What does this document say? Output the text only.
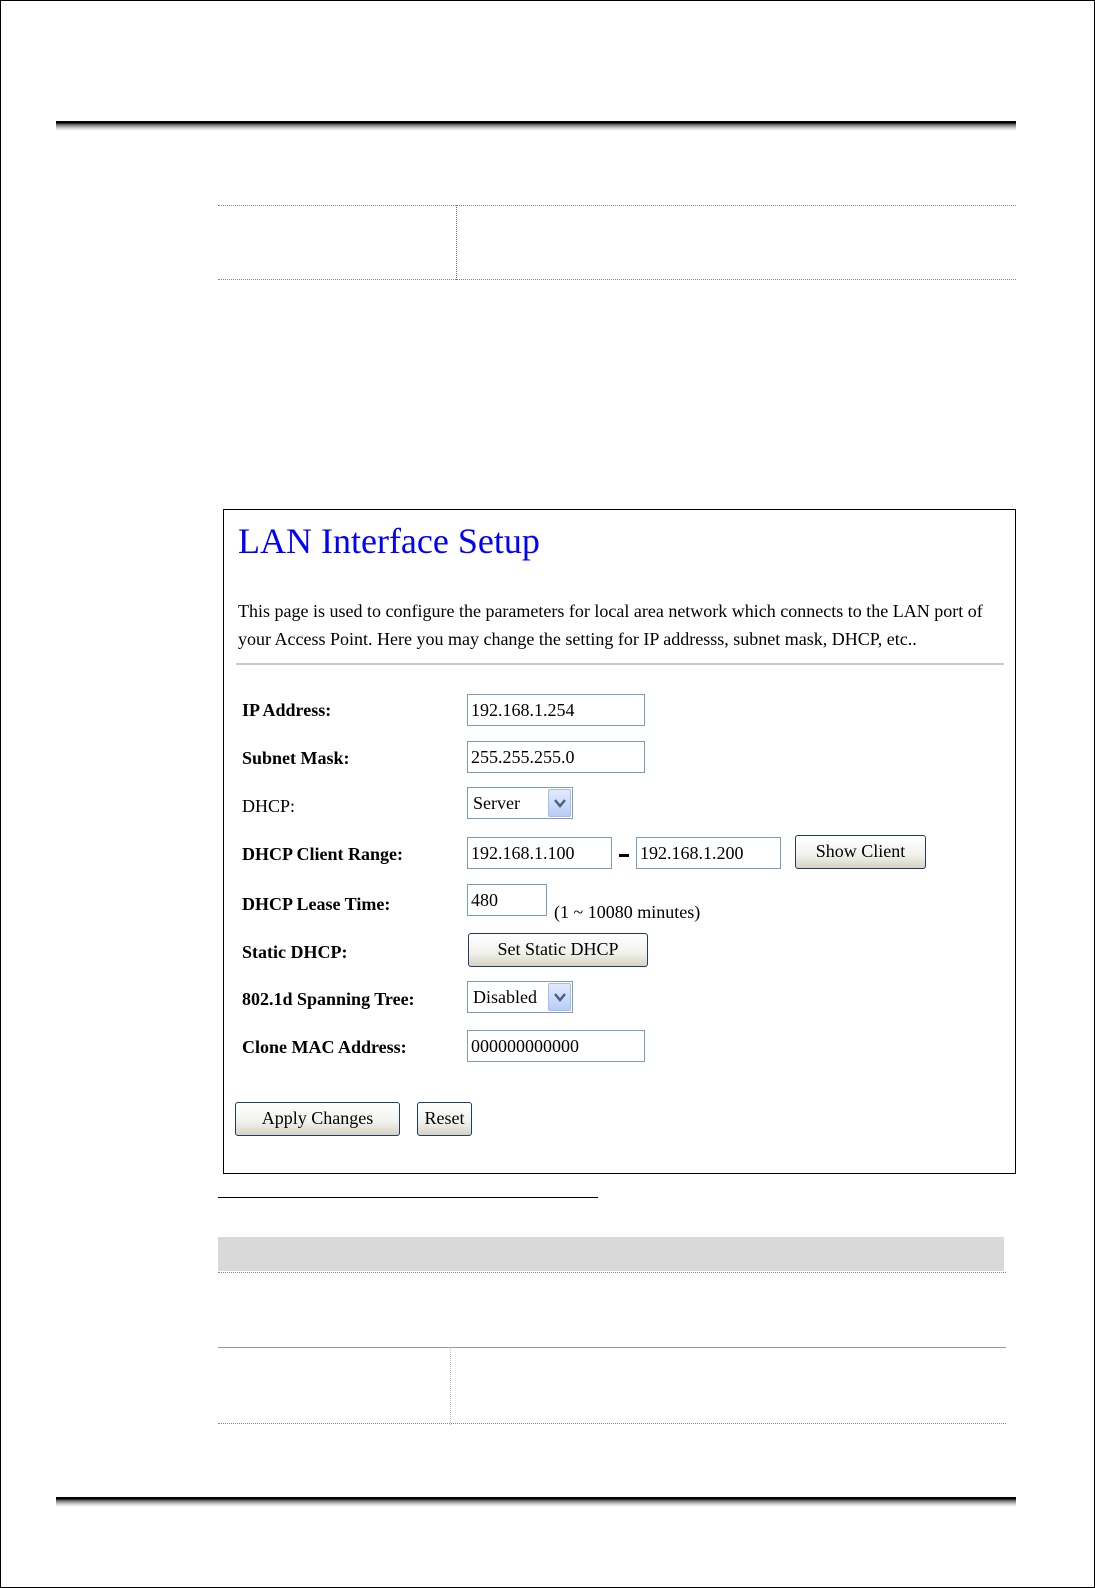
LAN Interface Setup
This page is used to configure the parameters for local area network which connects to the LAN port of your Access Point. Here you may change the setting for IP addresss, subnet mask, DHCP, etc..
IP Address:	192.168.1.254
Subnet Mask:	255.255.255.0
DHCP:	Server
DHCP Client Range:	192.168.1.100	192.168.1.200	Show Client
DHCP Lease Time:	480
(1 ~ 10080 minutes)
Static DHCP:	Set Static DHCP
802.1d Spanning Tree:	Disabled
Clone MAC Address:	000000000000
Apply Changes	Reset
